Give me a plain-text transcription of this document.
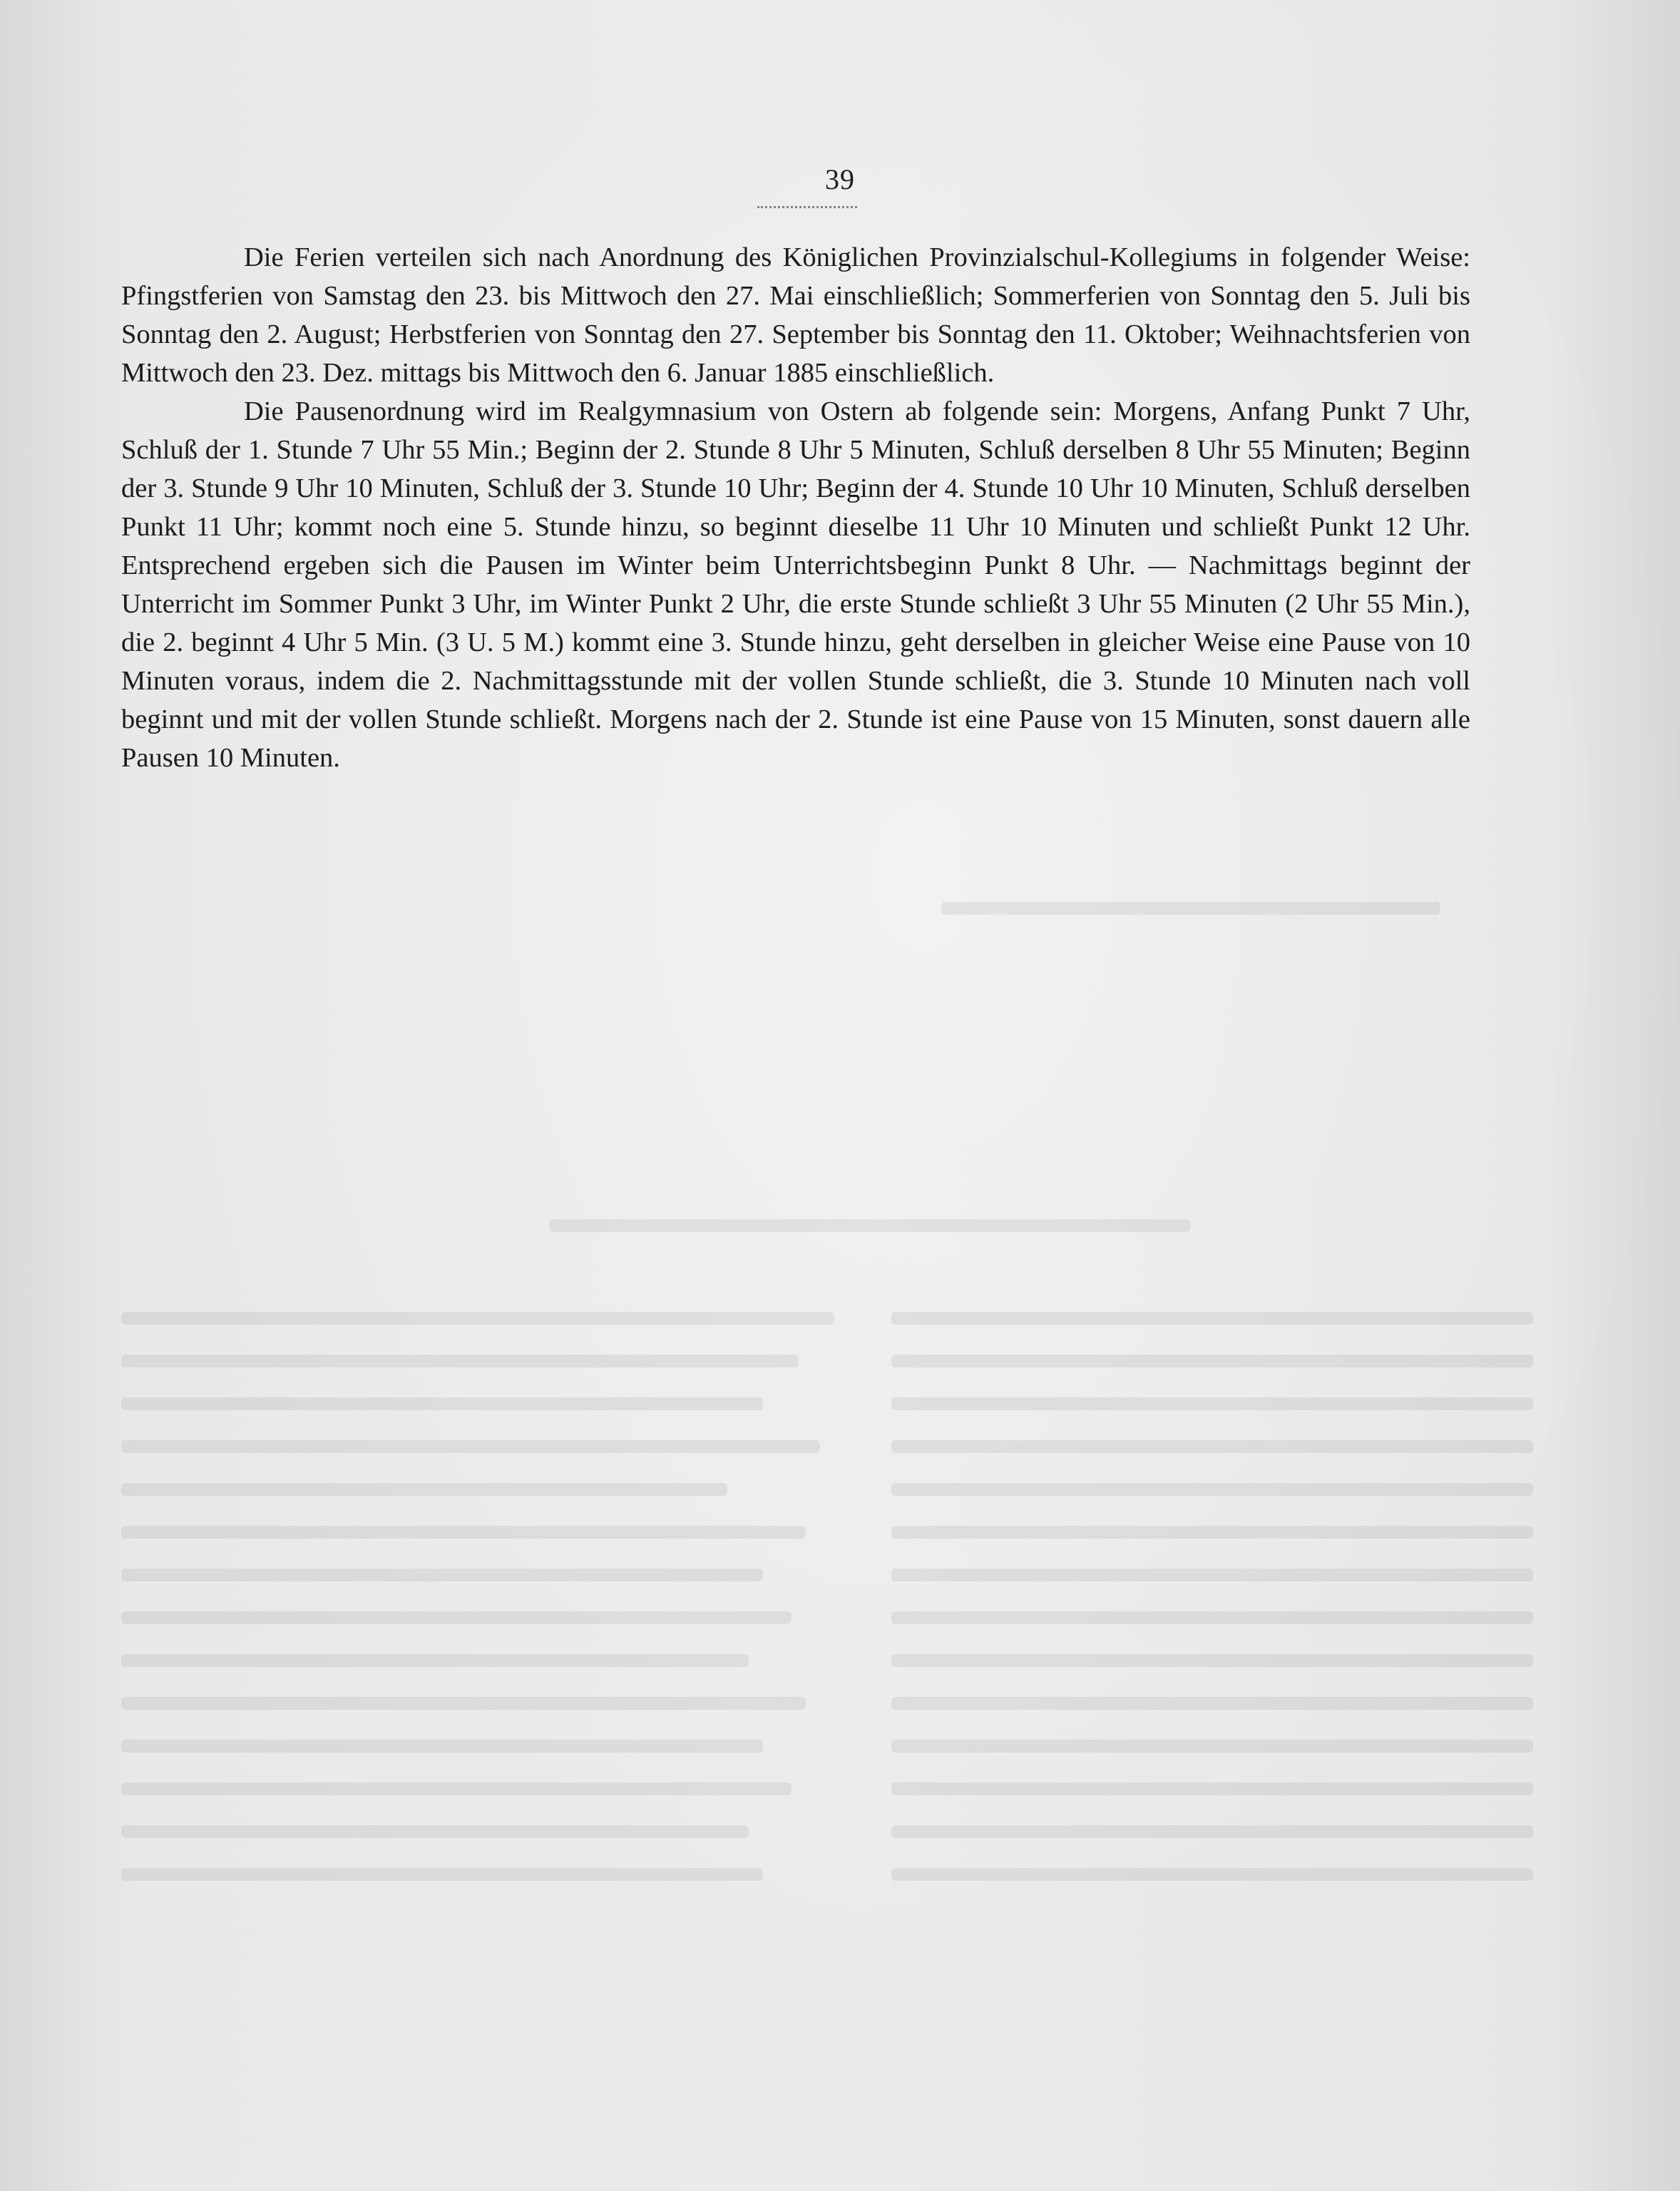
39

Die Ferien verteilen sich nach Anordnung des Königlichen Provinzialschul-Kollegiums in folgender Weise: Pfingstferien von Samstag den 23. bis Mittwoch den 27. Mai einschließlich; Sommerferien von Sonntag den 5. Juli bis Sonntag den 2. August; Herbstferien von Sonntag den 27. September bis Sonntag den 11. Oktober; Weihnachtsferien von Mittwoch den 23. Dez. mittags bis Mittwoch den 6. Januar 1885 einschließlich.

Die Pausenordnung wird im Realgymnasium von Ostern ab folgende sein: Morgens, Anfang Punkt 7 Uhr, Schluß der 1. Stunde 7 Uhr 55 Min.; Beginn der 2. Stunde 8 Uhr 5 Minuten, Schluß derselben 8 Uhr 55 Minuten; Beginn der 3. Stunde 9 Uhr 10 Minuten, Schluß der 3. Stunde 10 Uhr; Beginn der 4. Stunde 10 Uhr 10 Minuten, Schluß derselben Punkt 11 Uhr; kommt noch eine 5. Stunde hinzu, so beginnt dieselbe 11 Uhr 10 Minuten und schließt Punkt 12 Uhr. Entsprechend ergeben sich die Pausen im Winter beim Unterrichtsbeginn Punkt 8 Uhr. — Nachmittags beginnt der Unterricht im Sommer Punkt 3 Uhr, im Winter Punkt 2 Uhr, die erste Stunde schließt 3 Uhr 55 Minuten (2 Uhr 55 Min.), die 2. beginnt 4 Uhr 5 Min. (3 U. 5 M.) kommt eine 3. Stunde hinzu, geht derselben in gleicher Weise eine Pause von 10 Minuten voraus, indem die 2. Nachmittagsstunde mit der vollen Stunde schließt, die 3. Stunde 10 Minuten nach voll beginnt und mit der vollen Stunde schließt. Morgens nach der 2. Stunde ist eine Pause von 15 Minuten, sonst dauern alle Pausen 10 Minuten.
